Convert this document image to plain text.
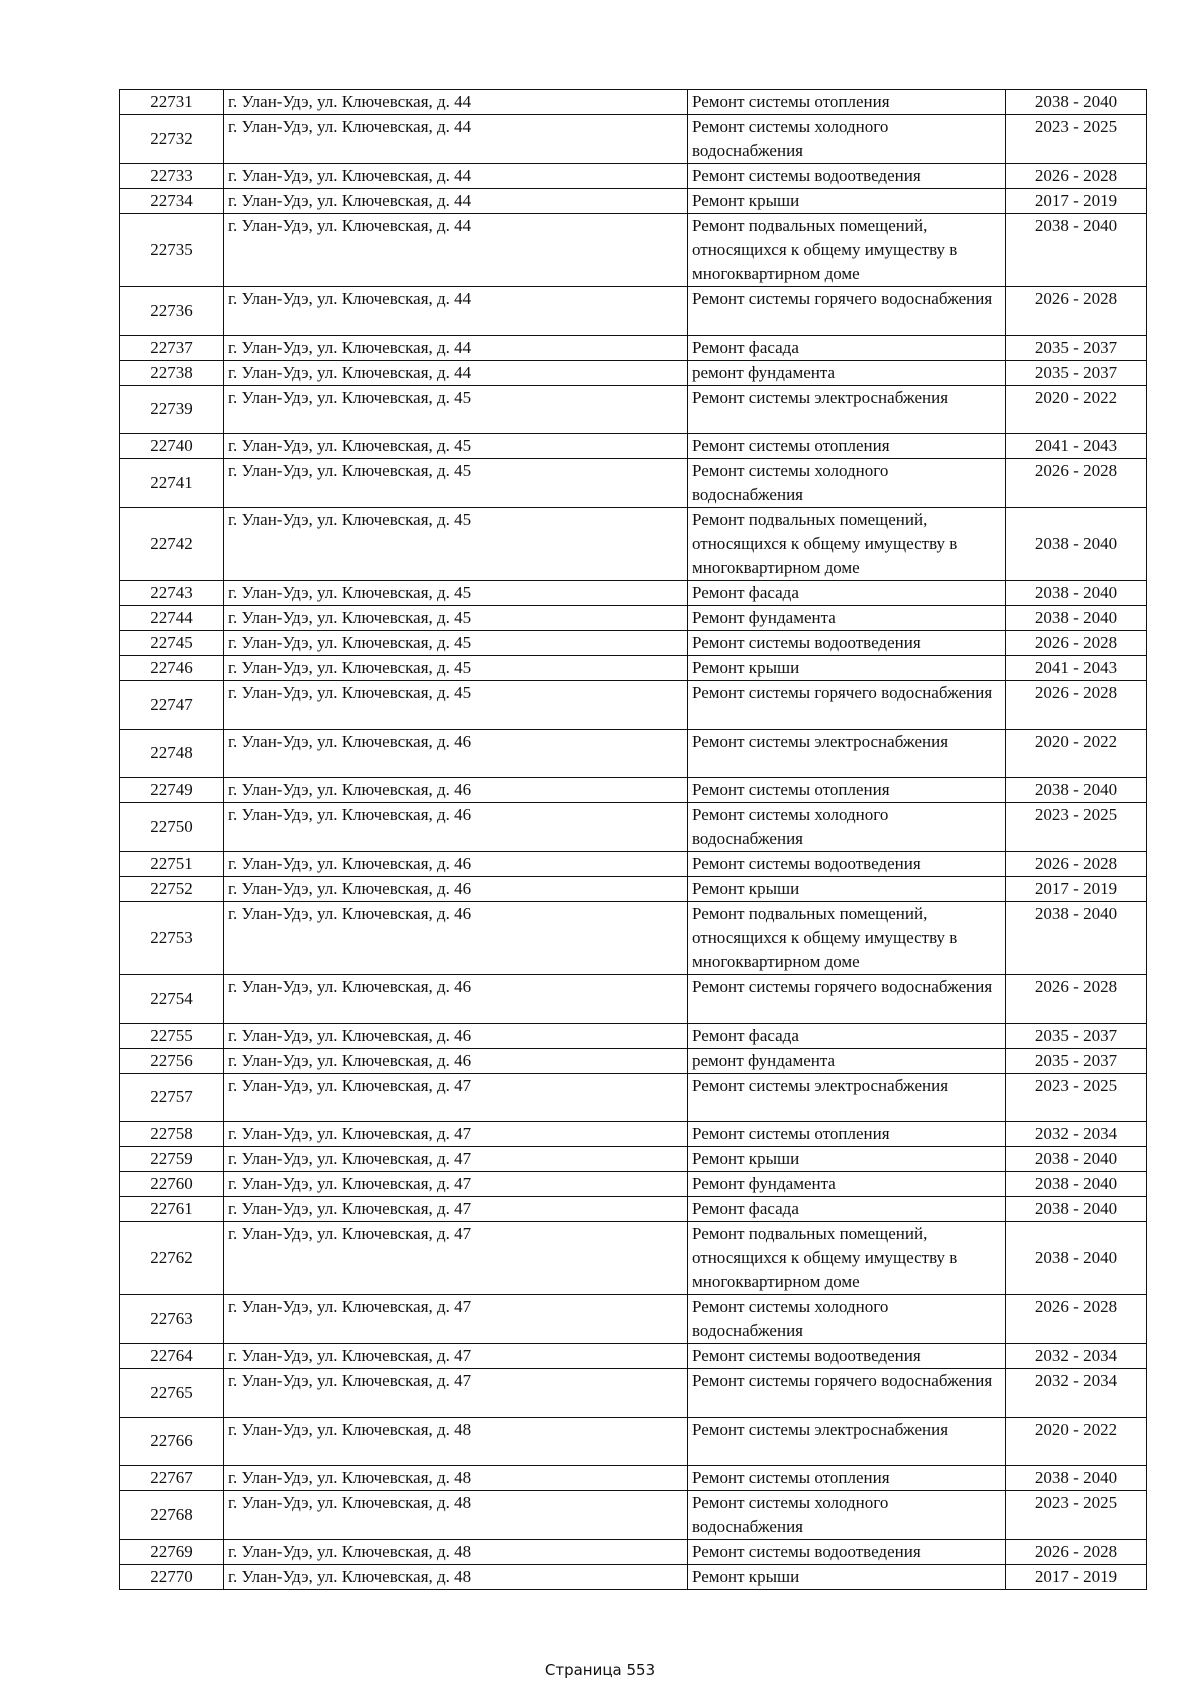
22731	г. Улан-Удэ, ул. Ключевская, д. 44	Ремонт системы отопления	2038 - 2040
22732	г. Улан-Удэ, ул. Ключевская, д. 44	Ремонт системы холодного водоснабжения	2023 - 2025
22733	г. Улан-Удэ, ул. Ключевская, д. 44	Ремонт системы водоотведения	2026 - 2028
22734	г. Улан-Удэ, ул. Ключевская, д. 44	Ремонт крыши	2017 - 2019
22735	г. Улан-Удэ, ул. Ключевская, д. 44	Ремонт подвальных помещений, относящихся к общему имуществу в многоквартирном доме	2038 - 2040
22736	г. Улан-Удэ, ул. Ключевская, д. 44	Ремонт системы горячего водоснабжения	2026 - 2028
22737	г. Улан-Удэ, ул. Ключевская, д. 44	Ремонт фасада	2035 - 2037
22738	г. Улан-Удэ, ул. Ключевская, д. 44	ремонт фундамента	2035 - 2037
22739	г. Улан-Удэ, ул. Ключевская, д. 45	Ремонт системы электроснабжения	2020 - 2022
22740	г. Улан-Удэ, ул. Ключевская, д. 45	Ремонт системы отопления	2041 - 2043
22741	г. Улан-Удэ, ул. Ключевская, д. 45	Ремонт системы холодного водоснабжения	2026 - 2028
22742	г. Улан-Удэ, ул. Ключевская, д. 45	Ремонт подвальных помещений, относящихся к общему имуществу в многоквартирном доме	2038 - 2040
22743	г. Улан-Удэ, ул. Ключевская, д. 45	Ремонт фасада	2038 - 2040
22744	г. Улан-Удэ, ул. Ключевская, д. 45	Ремонт фундамента	2038 - 2040
22745	г. Улан-Удэ, ул. Ключевская, д. 45	Ремонт системы водоотведения	2026 - 2028
22746	г. Улан-Удэ, ул. Ключевская, д. 45	Ремонт крыши	2041 - 2043
22747	г. Улан-Удэ, ул. Ключевская, д. 45	Ремонт системы горячего водоснабжения	2026 - 2028
22748	г. Улан-Удэ, ул. Ключевская, д. 46	Ремонт системы электроснабжения	2020 - 2022
22749	г. Улан-Удэ, ул. Ключевская, д. 46	Ремонт системы отопления	2038 - 2040
22750	г. Улан-Удэ, ул. Ключевская, д. 46	Ремонт системы холодного водоснабжения	2023 - 2025
22751	г. Улан-Удэ, ул. Ключевская, д. 46	Ремонт системы водоотведения	2026 - 2028
22752	г. Улан-Удэ, ул. Ключевская, д. 46	Ремонт крыши	2017 - 2019
22753	г. Улан-Удэ, ул. Ключевская, д. 46	Ремонт подвальных помещений, относящихся к общему имуществу в многоквартирном доме	2038 - 2040
22754	г. Улан-Удэ, ул. Ключевская, д. 46	Ремонт системы горячего водоснабжения	2026 - 2028
22755	г. Улан-Удэ, ул. Ключевская, д. 46	Ремонт фасада	2035 - 2037
22756	г. Улан-Удэ, ул. Ключевская, д. 46	ремонт фундамента	2035 - 2037
22757	г. Улан-Удэ, ул. Ключевская, д. 47	Ремонт системы электроснабжения	2023 - 2025
22758	г. Улан-Удэ, ул. Ключевская, д. 47	Ремонт системы отопления	2032 - 2034
22759	г. Улан-Удэ, ул. Ключевская, д. 47	Ремонт крыши	2038 - 2040
22760	г. Улан-Удэ, ул. Ключевская, д. 47	Ремонт фундамента	2038 - 2040
22761	г. Улан-Удэ, ул. Ключевская, д. 47	Ремонт фасада	2038 - 2040
22762	г. Улан-Удэ, ул. Ключевская, д. 47	Ремонт подвальных помещений, относящихся к общему имуществу в многоквартирном доме	2038 - 2040
22763	г. Улан-Удэ, ул. Ключевская, д. 47	Ремонт системы холодного водоснабжения	2026 - 2028
22764	г. Улан-Удэ, ул. Ключевская, д. 47	Ремонт системы водоотведения	2032 - 2034
22765	г. Улан-Удэ, ул. Ключевская, д. 47	Ремонт системы горячего водоснабжения	2032 - 2034
22766	г. Улан-Удэ, ул. Ключевская, д. 48	Ремонт системы электроснабжения	2020 - 2022
22767	г. Улан-Удэ, ул. Ключевская, д. 48	Ремонт системы отопления	2038 - 2040
22768	г. Улан-Удэ, ул. Ключевская, д. 48	Ремонт системы холодного водоснабжения	2023 - 2025
22769	г. Улан-Удэ, ул. Ключевская, д. 48	Ремонт системы водоотведения	2026 - 2028
22770	г. Улан-Удэ, ул. Ключевская, д. 48	Ремонт крыши	2017 - 2019
Страница 553
